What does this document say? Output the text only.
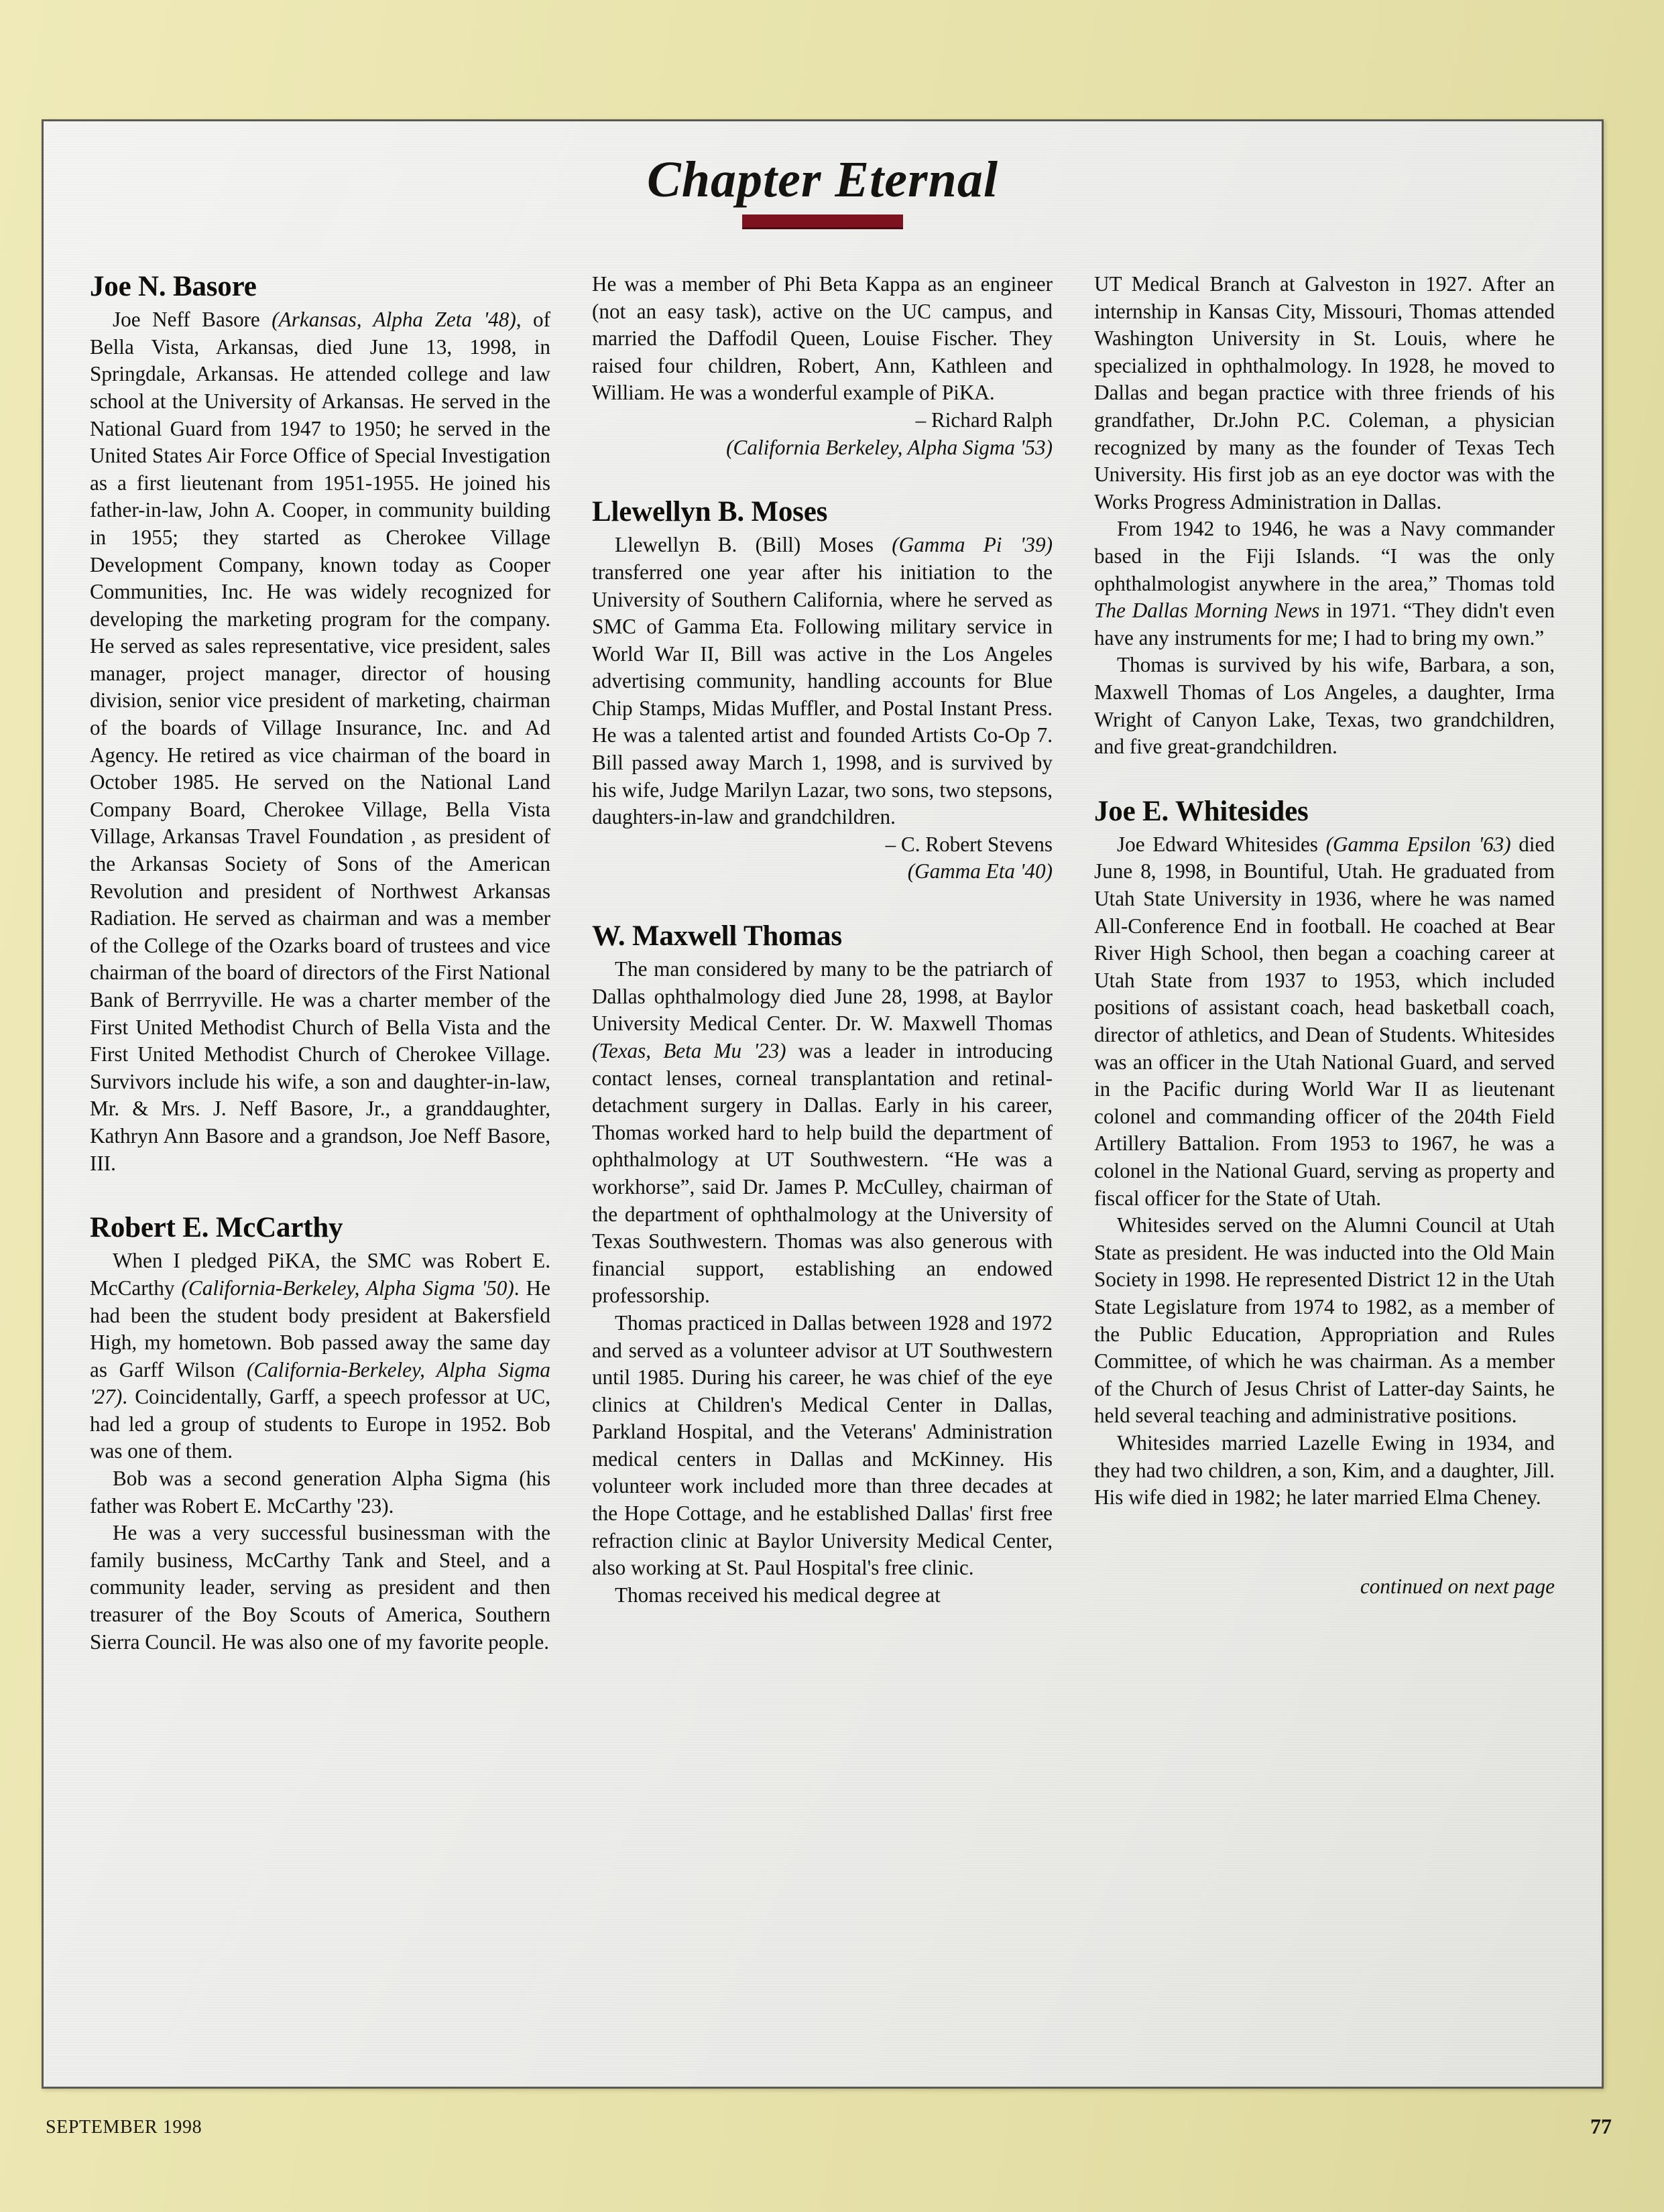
Chapter Eternal
Joe N. Basore

Joe Neff Basore (Arkansas, Alpha Zeta '48), of Bella Vista, Arkansas, died June 13, 1998, in Springdale, Arkansas. He attended college and law school at the University of Arkansas. He served in the National Guard from 1947 to 1950; he served in the United States Air Force Office of Special Investigation as a first lieutenant from 1951-1955. He joined his father-in-law, John A. Cooper, in community building in 1955; they started as Cherokee Village Development Company, known today as Cooper Communities, Inc. He was widely recognized for developing the marketing program for the company. He served as sales representative, vice president, sales manager, project manager, director of housing division, senior vice president of marketing, chairman of the boards of Village Insurance, Inc. and Ad Agency. He retired as vice chairman of the board in October 1985. He served on the National Land Company Board, Cherokee Village, Bella Vista Village, Arkansas Travel Foundation , as president of the Arkansas Society of Sons of the American Revolution and president of Northwest Arkansas Radiation. He served as chairman and was a member of the College of the Ozarks board of trustees and vice chairman of the board of directors of the First National Bank of Berrryville. He was a charter member of the First United Methodist Church of Bella Vista and the First United Methodist Church of Cherokee Village. Survivors include his wife, a son and daughter-in-law, Mr. & Mrs. J. Neff Basore, Jr., a granddaughter, Kathryn Ann Basore and a grandson, Joe Neff Basore, III.

Robert E. McCarthy

When I pledged PiKA, the SMC was Robert E. McCarthy (California-Berkeley, Alpha Sigma '50). He had been the student body president at Bakersfield High, my hometown. Bob passed away the same day as Garff Wilson (California-Berkeley, Alpha Sigma '27). Coincidentally, Garff, a speech professor at UC, had led a group of students to Europe in 1952. Bob was one of them.

Bob was a second generation Alpha Sigma (his father was Robert E. McCarthy '23).

He was a very successful businessman with the family business, McCarthy Tank and Steel, and a community leader, serving as president and then treasurer of the Boy Scouts of America, Southern Sierra Council. He was also one of my favorite people.

He was a member of Phi Beta Kappa as an engineer (not an easy task), active on the UC campus, and married the Daffodil Queen, Louise Fischer. They raised four children, Robert, Ann, Kathleen and William. He was a wonderful example of PiKA.

– Richard Ralph

(California Berkeley, Alpha Sigma '53)

Llewellyn B. Moses

Llewellyn B. (Bill) Moses (Gamma Pi '39) transferred one year after his initiation to the University of Southern California, where he served as SMC of Gamma Eta. Following military service in World War II, Bill was active in the Los Angeles advertising community, handling accounts for Blue Chip Stamps, Midas Muffler, and Postal Instant Press. He was a talented artist and founded Artists Co-Op 7. Bill passed away March 1, 1998, and is survived by his wife, Judge Marilyn Lazar, two sons, two stepsons, daughters-in-law and grandchildren.

– C. Robert Stevens

(Gamma Eta '40)

W. Maxwell Thomas

The man considered by many to be the patriarch of Dallas ophthalmology died June 28, 1998, at Baylor University Medical Center. Dr. W. Maxwell Thomas (Texas, Beta Mu '23) was a leader in introducing contact lenses, corneal transplantation and retinal-detachment surgery in Dallas. Early in his career, Thomas worked hard to help build the department of ophthalmology at UT Southwestern. “He was a workhorse”, said Dr. James P. McCulley, chairman of the department of ophthalmology at the University of Texas Southwestern. Thomas was also generous with financial support, establishing an endowed professorship.

Thomas practiced in Dallas between 1928 and 1972 and served as a volunteer advisor at UT Southwestern until 1985. During his career, he was chief of the eye clinics at Children's Medical Center in Dallas, Parkland Hospital, and the Veterans' Administration medical centers in Dallas and McKinney. His volunteer work included more than three decades at the Hope Cottage, and he established Dallas' first free refraction clinic at Baylor University Medical Center, also working at St. Paul Hospital's free clinic.

Thomas received his medical degree at

UT Medical Branch at Galveston in 1927. After an internship in Kansas City, Missouri, Thomas attended Washington University in St. Louis, where he specialized in ophthalmology. In 1928, he moved to Dallas and began practice with three friends of his grandfather, Dr.John P.C. Coleman, a physician recognized by many as the founder of Texas Tech University. His first job as an eye doctor was with the Works Progress Administration in Dallas.

From 1942 to 1946, he was a Navy commander based in the Fiji Islands. “I was the only ophthalmologist anywhere in the area,” Thomas told The Dallas Morning News in 1971. “They didn't even have any instruments for me; I had to bring my own.”

Thomas is survived by his wife, Barbara, a son, Maxwell Thomas of Los Angeles, a daughter, Irma Wright of Canyon Lake, Texas, two grandchildren, and five great-grandchildren.

Joe E. Whitesides

Joe Edward Whitesides (Gamma Epsilon '63) died June 8, 1998, in Bountiful, Utah. He graduated from Utah State University in 1936, where he was named All-Conference End in football. He coached at Bear River High School, then began a coaching career at Utah State from 1937 to 1953, which included positions of assistant coach, head basketball coach, director of athletics, and Dean of Students. Whitesides was an officer in the Utah National Guard, and served in the Pacific during World War II as lieutenant colonel and commanding officer of the 204th Field Artillery Battalion. From 1953 to 1967, he was a colonel in the National Guard, serving as property and fiscal officer for the State of Utah.

Whitesides served on the Alumni Council at Utah State as president. He was inducted into the Old Main Society in 1998. He represented District 12 in the Utah State Legislature from 1974 to 1982, as a member of the Public Education, Appropriation and Rules Committee, of which he was chairman. As a member of the Church of Jesus Christ of Latter-day Saints, he held several teaching and administrative positions.

Whitesides married Lazelle Ewing in 1934, and they had two children, a son, Kim, and a daughter, Jill. His wife died in 1982; he later married Elma Cheney.

continued on next page

SEPTEMBER 1998	77
